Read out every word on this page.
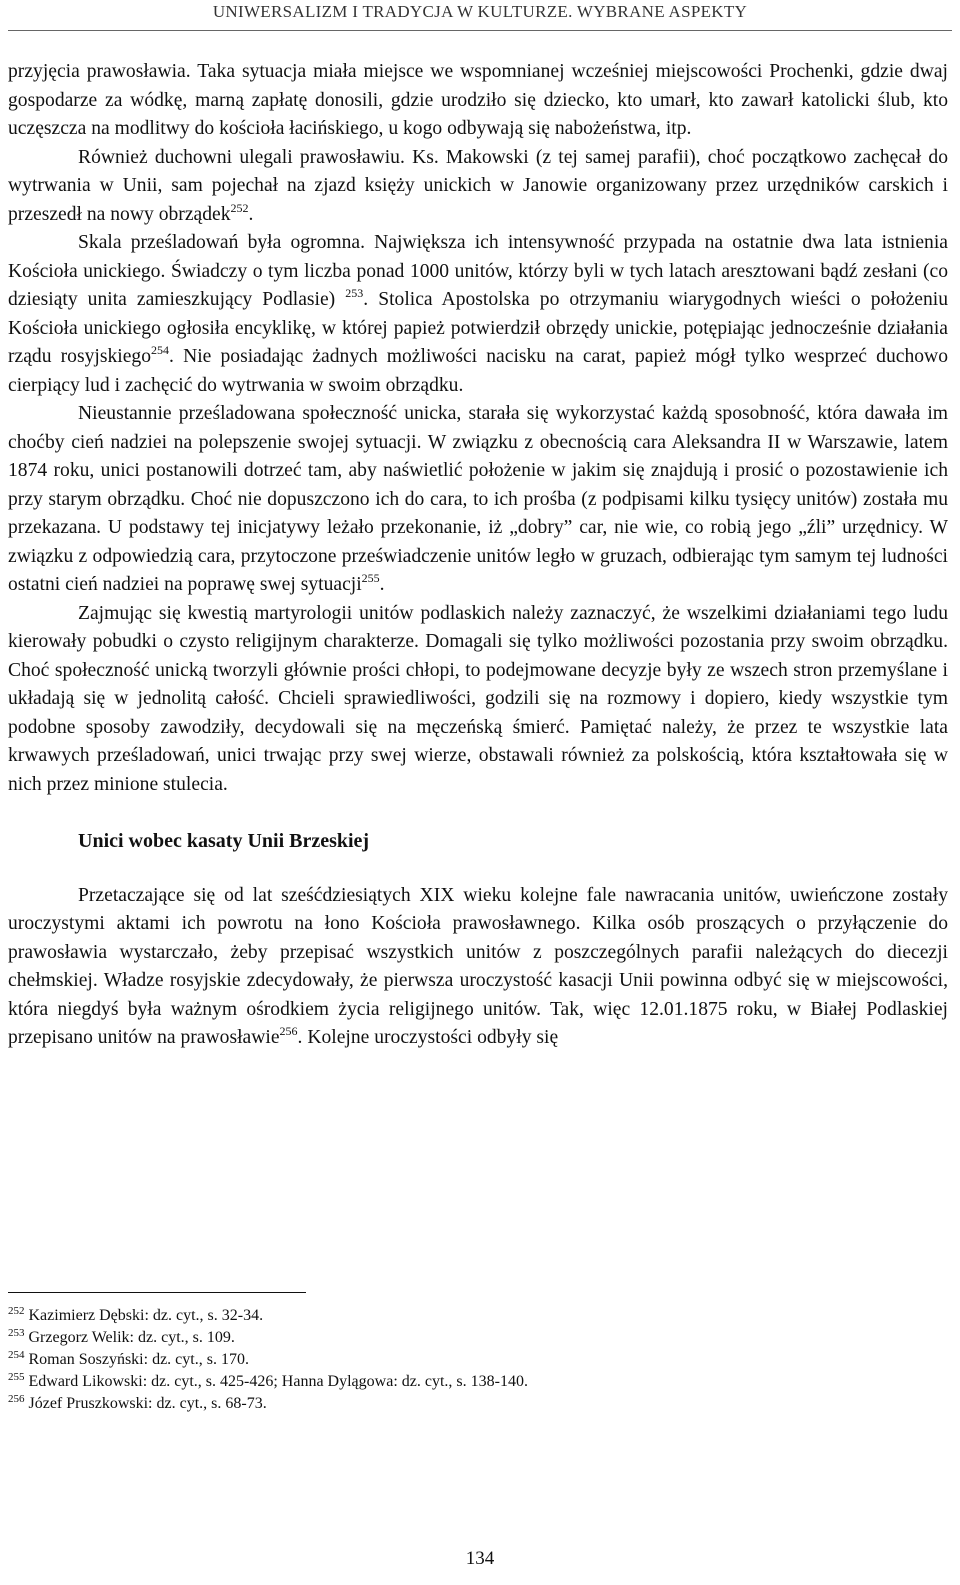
UNIWERSALIZM I TRADYCJA W KULTURZE. WYBRANE ASPEKTY

przyjęcia prawosławia. Taka sytuacja miała miejsce we wspomnianej wcześniej miejscowości Prochenki, gdzie dwaj gospodarze za wódkę, marną zapłatę donosili, gdzie urodziło się dziecko, kto umarł, kto zawarł katolicki ślub, kto uczęszcza na modlitwy do kościoła łacińskiego, u kogo odbywają się nabożeństwa, itp.

Również duchowni ulegali prawosławiu. Ks. Makowski (z tej samej parafii), choć początkowo zachęcał do wytrwania w Unii, sam pojechał na zjazd księży unickich w Janowie organizowany przez urzędników carskich i przeszedł na nowy obrządek$^{252}$.

Skala prześladowań była ogromna. Największa ich intensywność przypada na ostatnie dwa lata istnienia Kościoła unickiego. Świadczy o tym liczba ponad 1000 unitów, którzy byli w tych latach aresztowani bądź zesłani (co dziesiąty unita zamieszkujący Podlasie) $^{253}$. Stolica Apostolska po otrzymaniu wiarygodnych wieści o położeniu Kościoła unickiego ogłosiła encyklikę, w której papież potwierdził obrzędy unickie, potępiając jednocześnie działania rządu rosyjskiego$^{254}$. Nie posiadając żadnych możliwości nacisku na carat, papież mógł tylko wesprzeć duchowo cierpiący lud i zachęcić do wytrwania w swoim obrządku.

Nieustannie prześladowana społeczność unicka, starała się wykorzystać każdą sposobność, która dawała im choćby cień nadziei na polepszenie swojej sytuacji. W związku z obecnością cara Aleksandra II w Warszawie, latem 1874 roku, unici postanowili dotrzeć tam, aby naświetlić położenie w jakim się znajdują i prosić o pozostawienie ich przy starym obrządku. Choć nie dopuszczono ich do cara, to ich prośba (z podpisami kilku tysięcy unitów) została mu przekazana. U podstawy tej inicjatywy leżało przekonanie, iż „dobry” car, nie wie, co robią jego „źli” urzędnicy. W związku z odpowiedzią cara, przytoczone przeświadczenie unitów legło w gruzach, odbierając tym samym tej ludności ostatni cień nadziei na poprawę swej sytuacji$^{255}$.

Zajmując się kwestią martyrologii unitów podlaskich należy zaznaczyć, że wszelkimi działaniami tego ludu kierowały pobudki o czysto religijnym charakterze. Domagali się tylko możliwości pozostania przy swoim obrządku. Choć społeczność unicką tworzyli głównie prości chłopi, to podejmowane decyzje były ze wszech stron przemyślane i układają się w jednolitą całość. Chcieli sprawiedliwości, godzili się na rozmowy i dopiero, kiedy wszystkie tym podobne sposoby zawodziły, decydowali się na męczeńską śmierć. Pamiętać należy, że przez te wszystkie lata krwawych prześladowań, unici trwając przy swej wierze, obstawali również za polskością, która kształtowała się w nich przez minione stulecia.

Unici wobec kasaty Unii Brzeskiej

Przetaczające się od lat sześćdziesiątych XIX wieku kolejne fale nawracania unitów, uwieńczone zostały uroczystymi aktami ich powrotu na łono Kościoła prawosławnego. Kilka osób proszących o przyłączenie do prawosławia wystarczało, żeby przepisać wszystkich unitów z poszczególnych parafii należących do diecezji chełmskiej. Władze rosyjskie zdecydowały, że pierwsza uroczystość kasacji Unii powinna odbyć się w miejscowości, która niegdyś była ważnym ośrodkiem życia religijnego unitów. Tak, więc 12.01.1875 roku, w Białej Podlaskiej przepisano unitów na prawosławie$^{256}$. Kolejne uroczystości odbyły się

$^{252}$ Kazimierz Dębski: dz. cyt., s. 32-34.
$^{253}$ Grzegorz Welik: dz. cyt., s. 109.
$^{254}$ Roman Soszyński: dz. cyt., s. 170.
$^{255}$ Edward Likowski: dz. cyt., s. 425-426; Hanna Dylągowa: dz. cyt., s. 138-140.
$^{256}$ Józef Pruszkowski: dz. cyt., s. 68-73.
134
